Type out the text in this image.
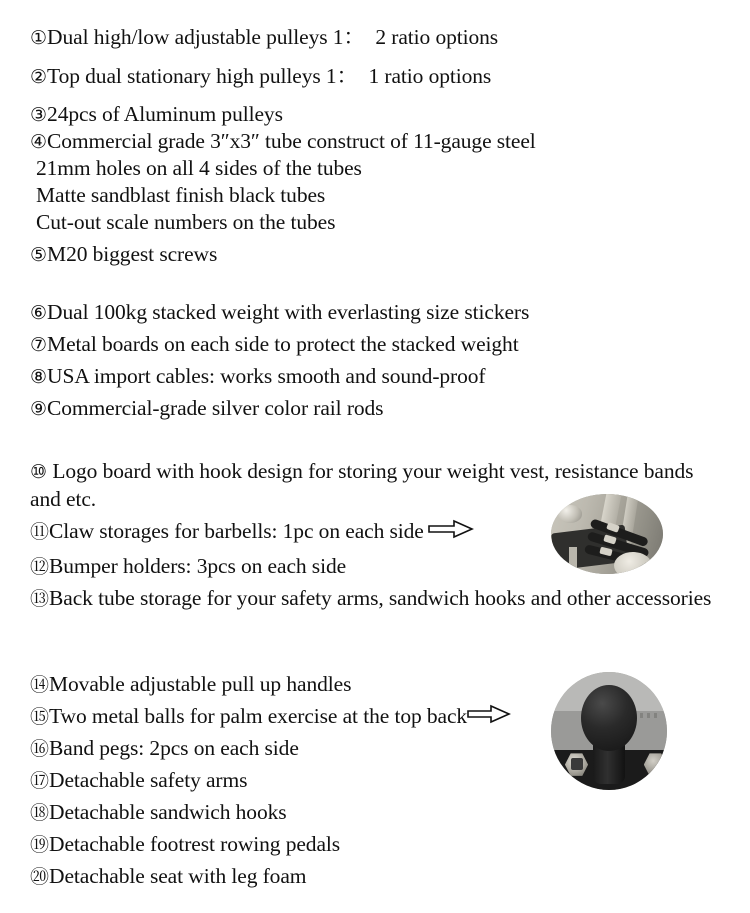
①Dual high/low adjustable pulleys 1：  2 ratio options
②Top dual stationary high pulleys 1：  1 ratio options
③24pcs of Aluminum pulleys
④Commercial grade 3″x3″ tube construct of 11-gauge steel
21mm holes on all 4 sides of the tubes
Matte sandblast finish black tubes
Cut-out scale numbers on the tubes
⑤M20 biggest screws
⑥Dual 100kg stacked weight with everlasting size stickers
⑦Metal boards on each side to protect the stacked weight
⑧USA import cables: works smooth and sound-proof
⑨Commercial-grade silver color rail rods
⑩ Logo board with hook design for storing your weight vest, resistance bands and etc.
⑪Claw storages for barbells: 1pc on each side
⑫Bumper holders: 3pcs on each side
⑬Back tube storage for your safety arms, sandwich hooks and other accessories
⑭Movable adjustable pull up handles
⑮Two metal balls for palm exercise at the top back
⑯Band pegs: 2pcs on each side
⑰Detachable safety arms
⑱Detachable sandwich hooks
⑲Detachable footrest rowing pedals
⑳Detachable seat with leg foam
